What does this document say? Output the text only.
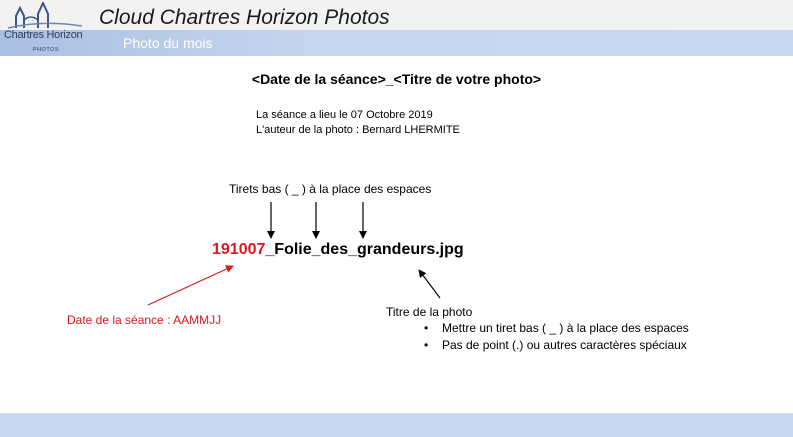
Chartres Horizon
PHOTOS
Cloud Chartres Horizon Photos
Photo du mois
<Date de la séance>_<Titre de votre photo>
La séance a lieu le 07 Octobre 2019
L'auteur de la photo : Bernard LHERMITE
Tirets bas ( _ ) à la place des espaces
191007_Folie_des_grandeurs.jpg
Date de la séance : AAMMJJ
Titre de la photo
• Mettre un tiret bas ( _ ) à la place des espaces
• Pas de point (.) ou autres caractères spéciaux
